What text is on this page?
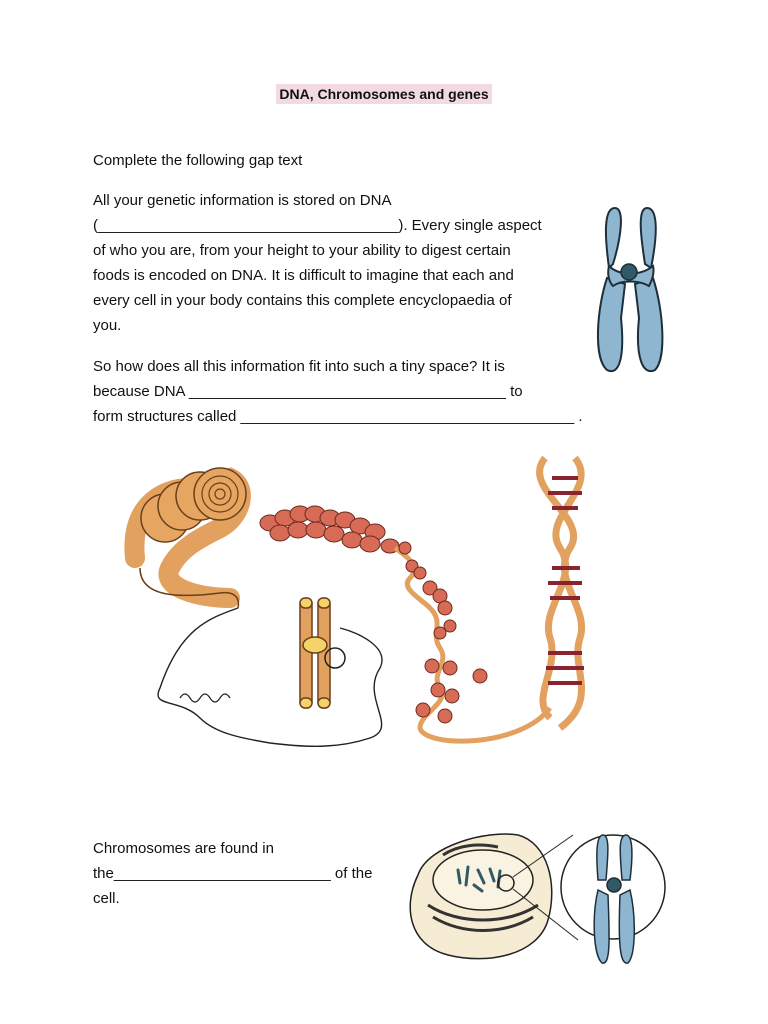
DNA, Chromosomes and genes
Complete the following gap text
All your genetic information is stored on DNA
(____________________________________). Every single aspect
of who you are, from your height to your ability to digest certain
foods is encoded on DNA. It is difficult to imagine that each and
every cell in your body contains this complete encyclopaedia of
you.
So how does all this information fit into such a tiny space? It is
because DNA ______________________________________ to
form structures called ________________________________________ .
Chromosomes are found in
the__________________________ of the
cell.
